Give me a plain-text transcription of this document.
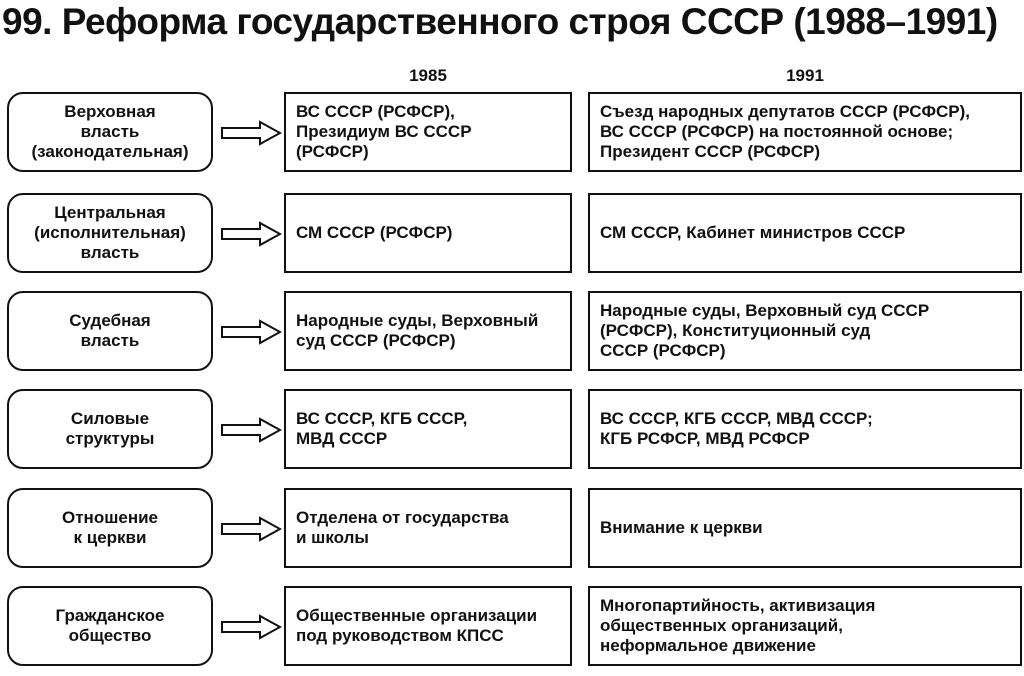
99. Реформа государственного строя СССР (1988–1991)
1985	1991
Верховная
власть
(законодательная)
ВС СССР (РСФСР),
Президиум ВС СССР
(РСФСР)
Съезд народных депутатов СССР (РСФСР),
ВС СССР (РСФСР) на постоянной основе;
Президент СССР (РСФСР)
Центральная
(исполнительная)
власть
СМ СССР (РСФСР)	СМ СССР, Кабинет министров СССР
Судебная
власть
Народные суды, Верховный
суд СССР (РСФСР)
Народные суды, Верховный суд СССР
(РСФСР), Конституционный суд
СССР (РСФСР)
Силовые
структуры
ВС СССР, КГБ СССР,
МВД СССР
ВС СССР, КГБ СССР, МВД СССР;
КГБ РСФСР, МВД РСФСР
Отношение
к церкви
Отделена от государства
и школы
Внимание к церкви
Гражданское
общество
Общественные организации
под руководством КПСС
Многопартийность, активизация
общественных организаций,
неформальное движение
